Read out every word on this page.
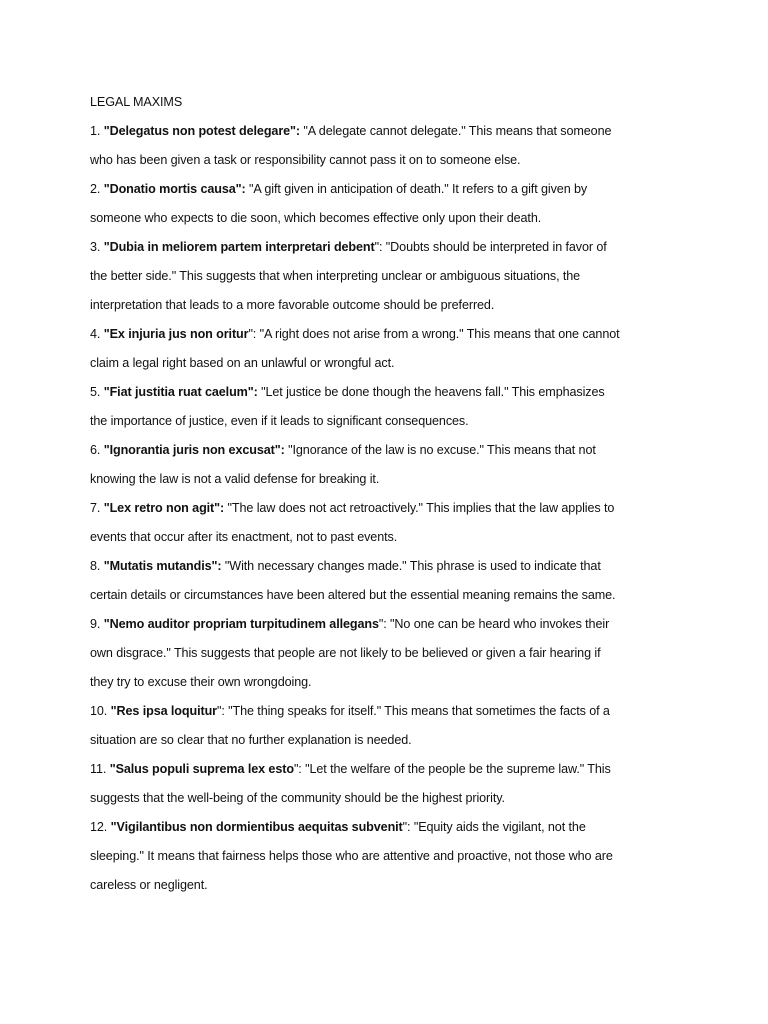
LEGAL MAXIMS

1. "Delegatus non potest delegare": "A delegate cannot delegate." This means that someone who has been given a task or responsibility cannot pass it on to someone else.

2. "Donatio mortis causa": "A gift given in anticipation of death." It refers to a gift given by someone who expects to die soon, which becomes effective only upon their death.

3. "Dubia in meliorem partem interpretari debent": "Doubts should be interpreted in favor of the better side." This suggests that when interpreting unclear or ambiguous situations, the interpretation that leads to a more favorable outcome should be preferred.

4. "Ex injuria jus non oritur": "A right does not arise from a wrong." This means that one cannot claim a legal right based on an unlawful or wrongful act.

5. "Fiat justitia ruat caelum": "Let justice be done though the heavens fall." This emphasizes the importance of justice, even if it leads to significant consequences.

6. "Ignorantia juris non excusat": "Ignorance of the law is no excuse." This means that not knowing the law is not a valid defense for breaking it.

7. "Lex retro non agit": "The law does not act retroactively." This implies that the law applies to events that occur after its enactment, not to past events.

8. "Mutatis mutandis": "With necessary changes made." This phrase is used to indicate that certain details or circumstances have been altered but the essential meaning remains the same.

9. "Nemo auditor propriam turpitudinem allegans": "No one can be heard who invokes their own disgrace." This suggests that people are not likely to be believed or given a fair hearing if they try to excuse their own wrongdoing.

10. "Res ipsa loquitur": "The thing speaks for itself." This means that sometimes the facts of a situation are so clear that no further explanation is needed.

11. "Salus populi suprema lex esto": "Let the welfare of the people be the supreme law." This suggests that the well-being of the community should be the highest priority.

12. "Vigilantibus non dormientibus aequitas subvenit": "Equity aids the vigilant, not the sleeping." It means that fairness helps those who are attentive and proactive, not those who are careless or negligent.
